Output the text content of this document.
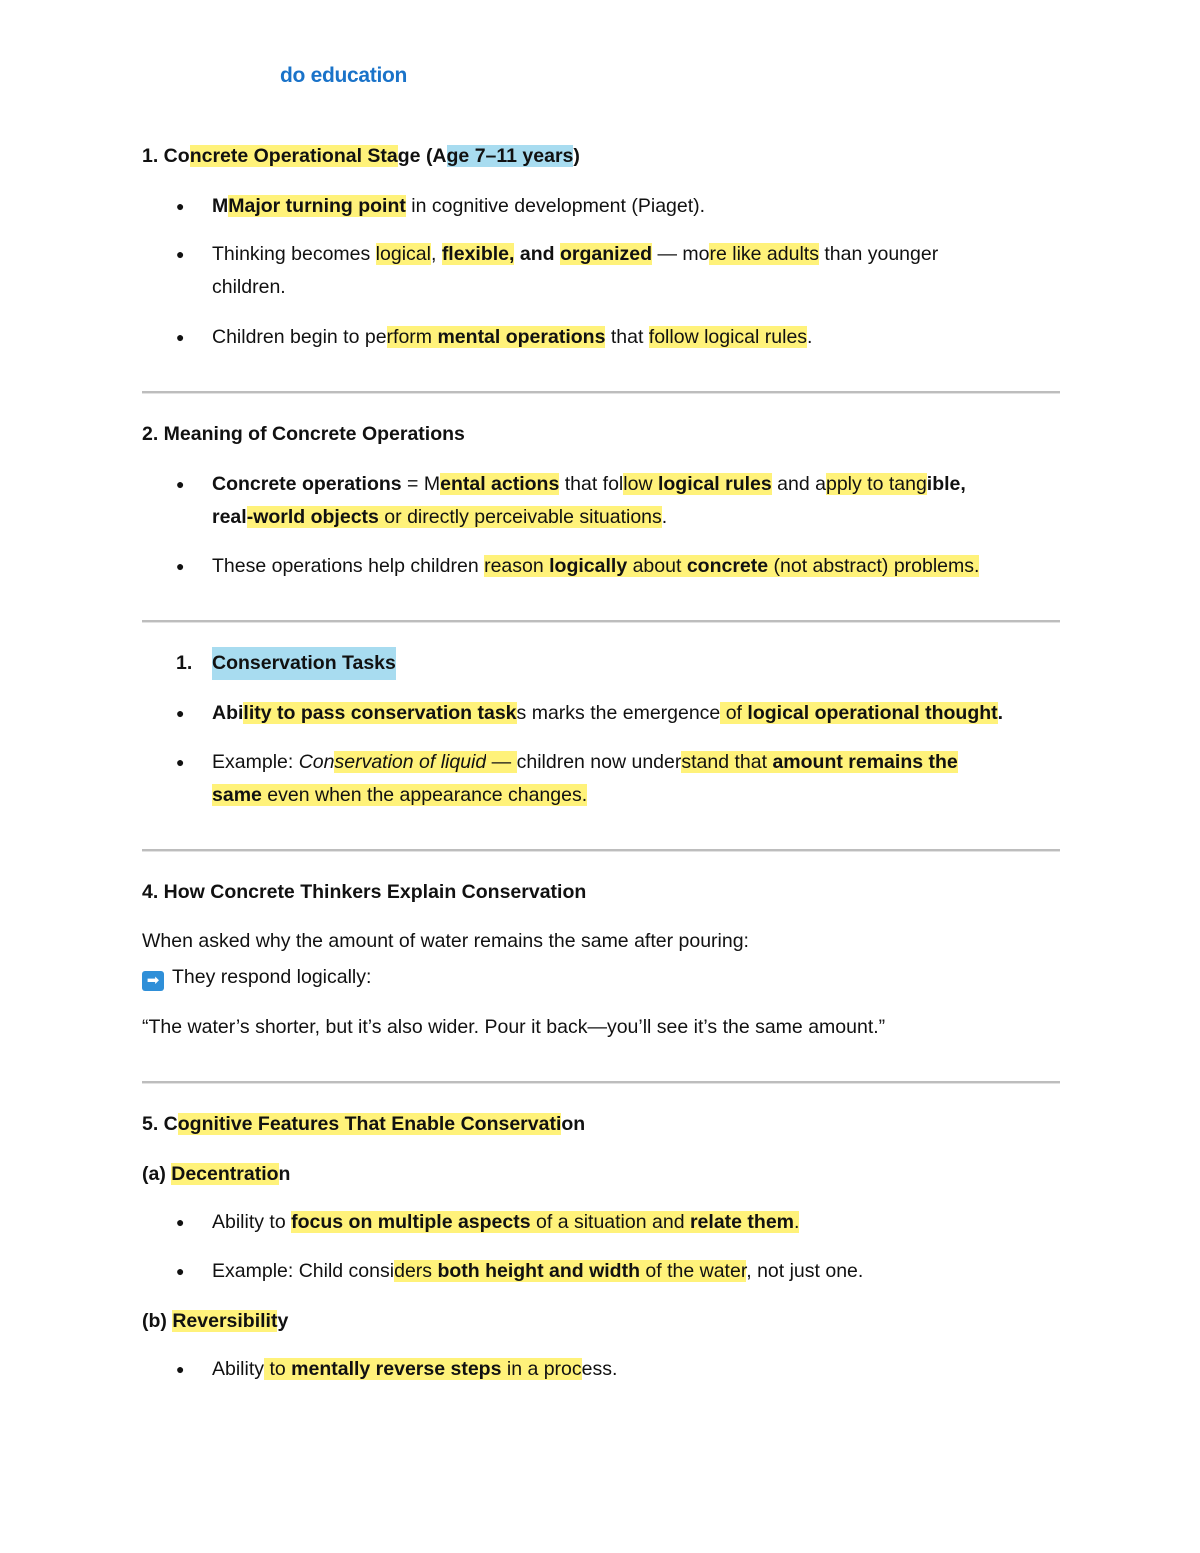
do education
1. Concrete Operational Stage (Age 7–11 years)
● MMajor turning point in cognitive development (Piaget).
● Thinking becomes logical, flexible, and organized — more like adults than younger
children.
● Children begin to perform mental operations that follow logical rules.
2. Meaning of Concrete Operations
● Concrete operations = Mental actions that follow logical rules and apply to tangible,
real-world objects or directly perceivable situations.
● These operations help children reason logically about concrete (not abstract) problems.
1. Conservation Tasks
● Ability to pass conservation tasks marks the emergence of logical operational thought.
● Example: Conservation of liquid — children now understand that amount remains the
same even when the appearance changes.
4. How Concrete Thinkers Explain Conservation
When asked why the amount of water remains the same after pouring:
➡ They respond logically:
“The water’s shorter, but it’s also wider. Pour it back—you’ll see it’s the same amount.”
5. Cognitive Features That Enable Conservation
(a) Decentration
● Ability to focus on multiple aspects of a situation and relate them.
● Example: Child considers both height and width of the water, not just one.
(b) Reversibility
● Ability to mentally reverse steps in a process.
